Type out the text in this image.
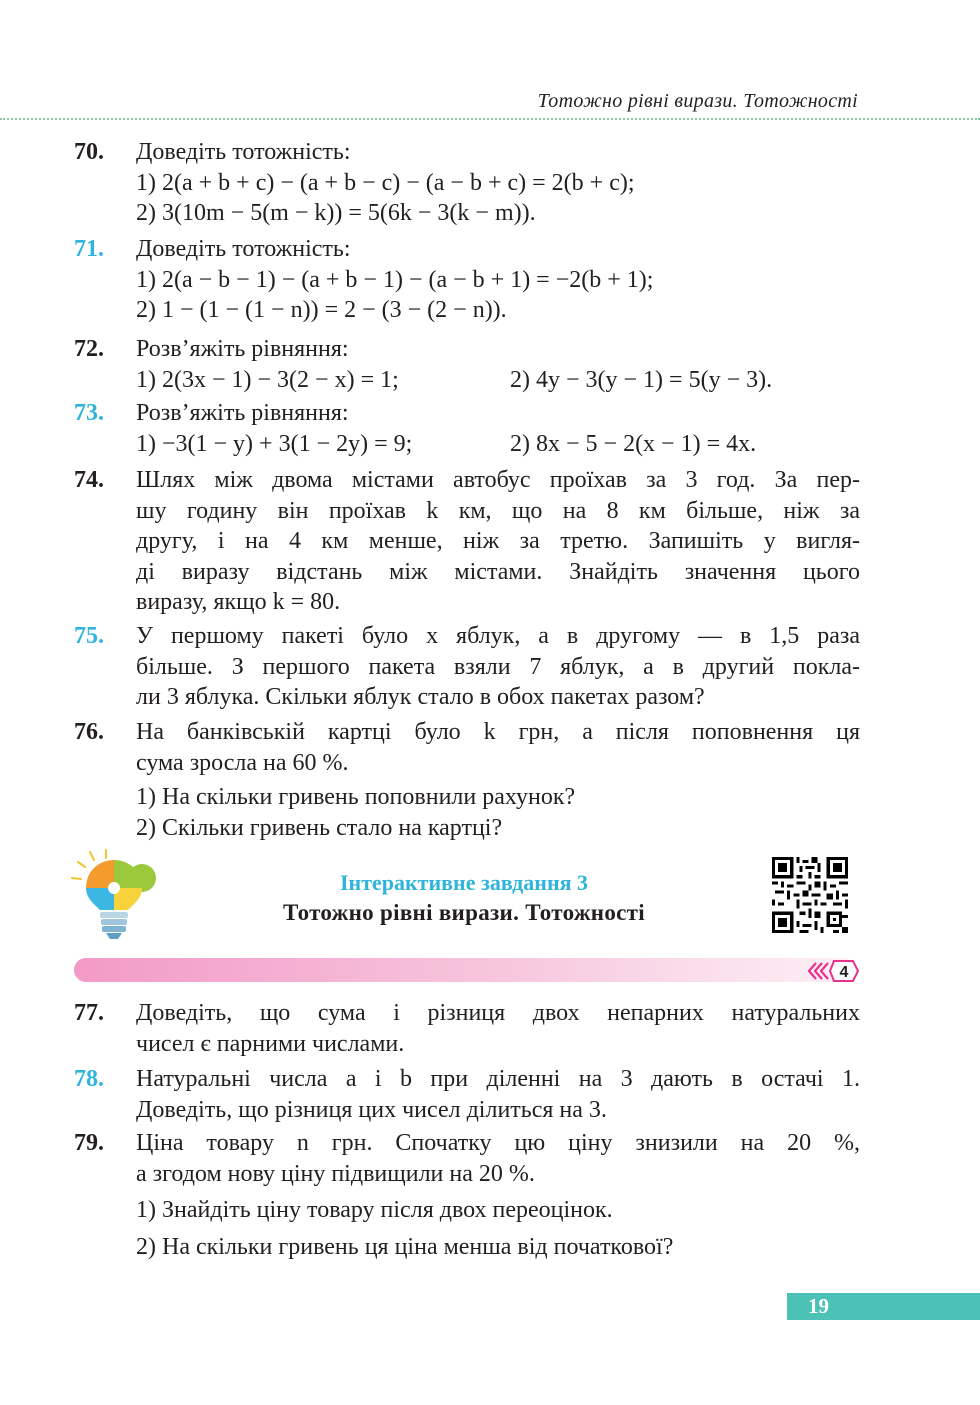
Тотожно рівні вирази. Тотожності
70. Доведіть тотожність:
1) 2(a + b + c) − (a + b − c) − (a − b + c) = 2(b + c);
2) 3(10m − 5(m − k)) = 5(6k − 3(k − m)).
71. Доведіть тотожність:
1) 2(a − b − 1) − (a + b − 1) − (a − b + 1) = −2(b + 1);
2) 1 − (1 − (1 − n)) = 2 − (3 − (2 − n)).
72. Розв’яжіть рівняння:
1) 2(3x − 1) − 3(2 − x) = 1;	2) 4y − 3(y − 1) = 5(y − 3).
73. Розв’яжіть рівняння:
1) −3(1 − y) + 3(1 − 2y) = 9;	2) 8x − 5 − 2(x − 1) = 4x.
74. Шлях між двома містами автобус проїхав за 3 год. За пер-
шу годину він проїхав k км, що на 8 км більше, ніж за
другу, і на 4 км менше, ніж за третю. Запишіть у вигля-
ді виразу відстань між містами. Знайдіть значення цього
виразу, якщо k = 80.
75. У першому пакеті було x яблук, а в другому — в 1,5 раза
більше. З першого пакета взяли 7 яблук, а в другий покла-
ли 3 яблука. Скільки яблук стало в обох пакетах разом?
76. На банківській картці було k грн, а після поповнення ця
сума зросла на 60 %.
1) На скільки гривень поповнили рахунок?
2) Скільки гривень стало на картці?
Інтерактивне завдання 3
Тотожно рівні вирази. Тотожності
4
77. Доведіть, що сума і різниця двох непарних натуральних
чисел є парними числами.
78. Натуральні числа a і b при діленні на 3 дають в остачі 1.
Доведіть, що різниця цих чисел ділиться на 3.
79. Ціна товару n грн. Спочатку цю ціну знизили на 20 %,
а згодом нову ціну підвищили на 20 %.
1) Знайдіть ціну товару після двох переоцінок.
2) На скільки гривень ця ціна менша від початкової?
19
